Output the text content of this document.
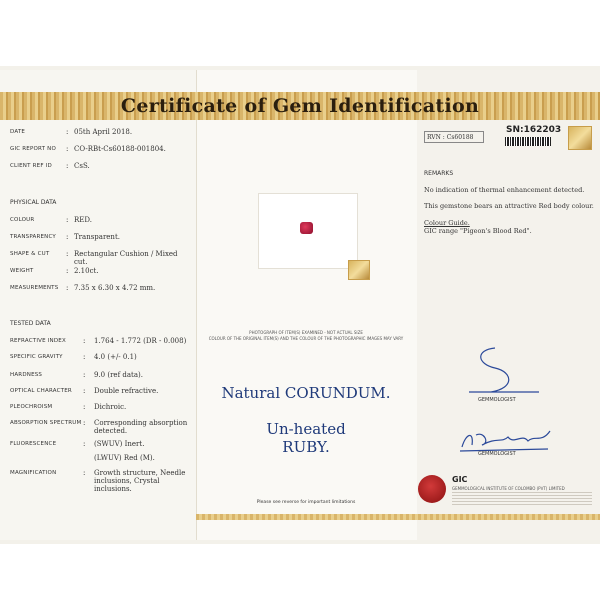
Certificate of Gem Identification
DATE	: 05th April 2018.
GIC REPORT NO : CO-RBt-Cs60188-001804.
CLIENT REF ID : CsS.
PHYSICAL DATA
COLOUR	: RED.
TRANSPARENCY : Transparent.
SHAPE & CUT : Rectangular Cushion / Mixed cut.
WEIGHT	: 2.10ct.
MEASUREMENTS : 7.35 x 6.30 x 4.72 mm.
TESTED DATA
REFRACTIVE INDEX	1.764 - 1.772 (DR - 0.008)
:
SPECIFIC GRAVITY	4.0 (+/- 0.1)
:
HARDNESS	9.0 (ref data).
:
OPTICAL CHARACTER	Double refractive.
:
PLEOCHROISM	Dichroic.
:
ABSORPTION SPECTRUM Corresponding absorption detected.
:
FLUORESCENCE	(SWUV) Inert.
:
(LWUV) Red (M).
MAGNIFICATION	Growth structure, Needle inclusions, Crystal inclusions.
:
PHOTOGRAPH OF ITEM(S) EXAMINED - NOT ACTUAL SIZE
COLOUR OF THE ORIGINAL ITEM(S) AND THE COLOUR OF THE PHOTOGRAPHIC IMAGES MAY VARY
Natural CORUNDUM.
Un-heated
RUBY.
Please see reverse for important limitations
RVN : Cs60188
SN:162203
REMARKS
No indication of thermal enhancement detected.
This gemstone bears an attractive Red body colour.
Colour Guide.
GIC range "Pigeon's Blood Red".
GEMMOLOGIST
GEMMOLOGIST
GIC
GEMMOLOGICAL INSTITUTE OF COLOMBO (PVT) LIMITED
